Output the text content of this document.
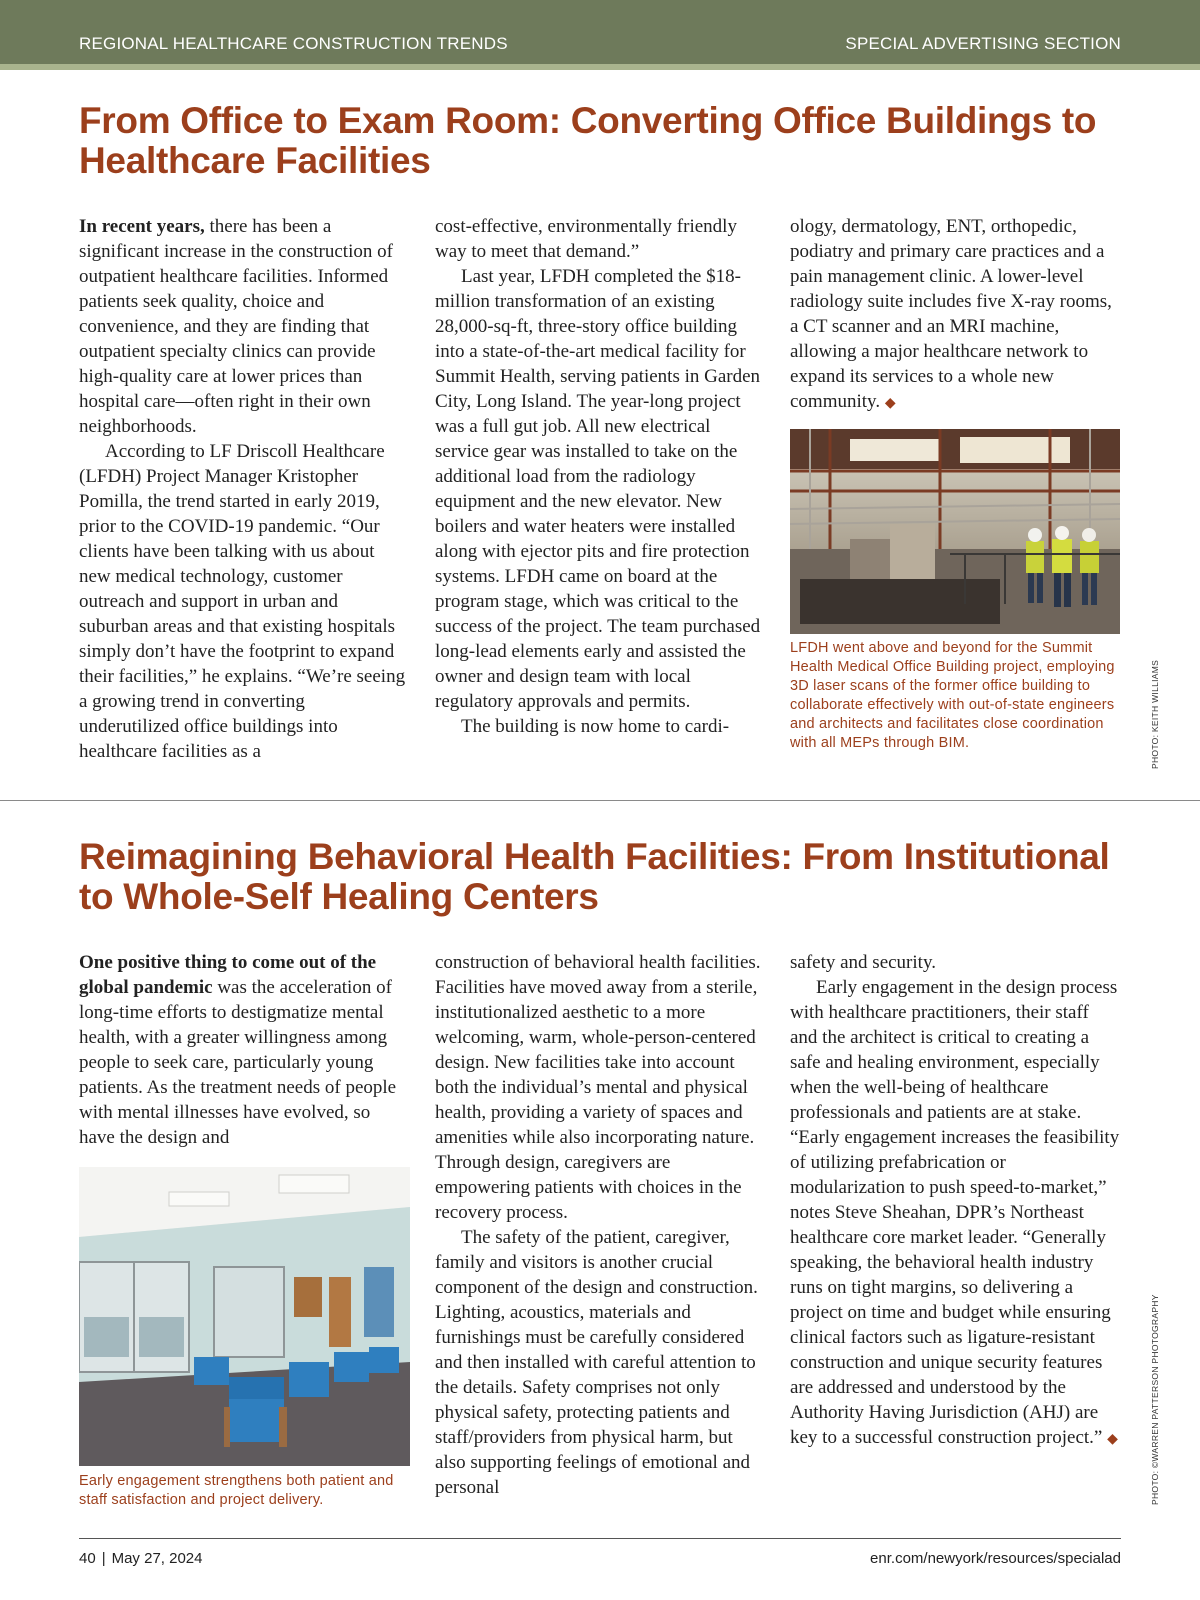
REGIONAL HEALTHCARE CONSTRUCTION TRENDS	SPECIAL ADVERTISING SECTION
From Office to Exam Room: Converting Office Buildings to Healthcare Facilities

In recent years, there has been a significant increase in the construction of outpatient healthcare facilities. Informed patients seek quality, choice and convenience, and they are finding that outpatient specialty clinics can provide high-quality care at lower prices than hospital care—often right in their own neighborhoods.

According to LF Driscoll Healthcare (LFDH) Project Manager Kristopher Pomilla, the trend started in early 2019, prior to the COVID-19 pandemic. “Our clients have been talking with us about new medical technology, customer outreach and support in urban and suburban areas and that existing hospitals simply don’t have the footprint to expand their facilities,” he explains. “We’re seeing a growing trend in converting underutilized office buildings into healthcare facilities as a

cost-effective, environmentally friendly way to meet that demand.”

Last year, LFDH completed the $18-million transformation of an existing 28,000-sq-ft, three-story office building into a state-of-the-art medical facility for Summit Health, serving patients in Garden City, Long Island. The year-long project was a full gut job. All new electrical service gear was installed to take on the additional load from the radiology equipment and the new elevator. New boilers and water heaters were installed along with ejector pits and fire protection systems. LFDH came on board at the program stage, which was critical to the success of the project. The team purchased long-lead elements early and assisted the owner and design team with local regulatory approvals and permits.

The building is now home to cardi-

ology, dermatology, ENT, orthopedic, podiatry and primary care practices and a pain management clinic. A lower-level radiology suite includes five X-ray rooms, a CT scanner and an MRI machine, allowing a major healthcare network to expand its services to a whole new community. ◆

LFDH went above and beyond for the Summit Health Medical Office Building project, employing 3D laser scans of the former office building to collaborate effectively with out-of-state engineers and architects and facilitates close coordination with all MEPs through BIM.	PHOTO: KEITH WILLIAMS
Reimagining Behavioral Health Facilities: From Institutional to Whole-Self Healing Centers

One positive thing to come out of the global pandemic was the acceleration of long-time efforts to destigmatize mental health, with a greater willingness among people to seek care, particularly young patients. As the treatment needs of people with mental illnesses have evolved, so have the design and

Early engagement strengthens both patient and staff satisfaction and project delivery.

construction of behavioral health facilities. Facilities have moved away from a sterile, institutionalized aesthetic to a more welcoming, warm, whole-person-centered design. New facilities take into account both the individual’s mental and physical health, providing a variety of spaces and amenities while also incorporating nature. Through design, caregivers are empowering patients with choices in the recovery process.

The safety of the patient, caregiver, family and visitors is another crucial component of the design and construction. Lighting, acoustics, materials and furnishings must be carefully considered and then installed with careful attention to the details. Safety comprises not only physical safety, protecting patients and staff/providers from physical harm, but also supporting feelings of emotional and personal

safety and security.

Early engagement in the design process with healthcare practitioners, their staff and the architect is critical to creating a safe and healing environment, especially when the well-being of healthcare professionals and patients are at stake. “Early engagement increases the feasibility of utilizing prefabrication or modularization to push speed-to-market,” notes Steve Sheahan, DPR’s Northeast healthcare core market leader. “Generally speaking, the behavioral health industry runs on tight margins, so delivering a project on time and budget while ensuring clinical factors such as ligature-resistant construction and unique security features are addressed and understood by the Authority Having Jurisdiction (AHJ) are key to a successful construction project.” ◆	PHOTO: ©WARREN PATTERSON PHOTOGRAPHY
40 | May 27, 2024	enr.com/newyork/resources/specialad
